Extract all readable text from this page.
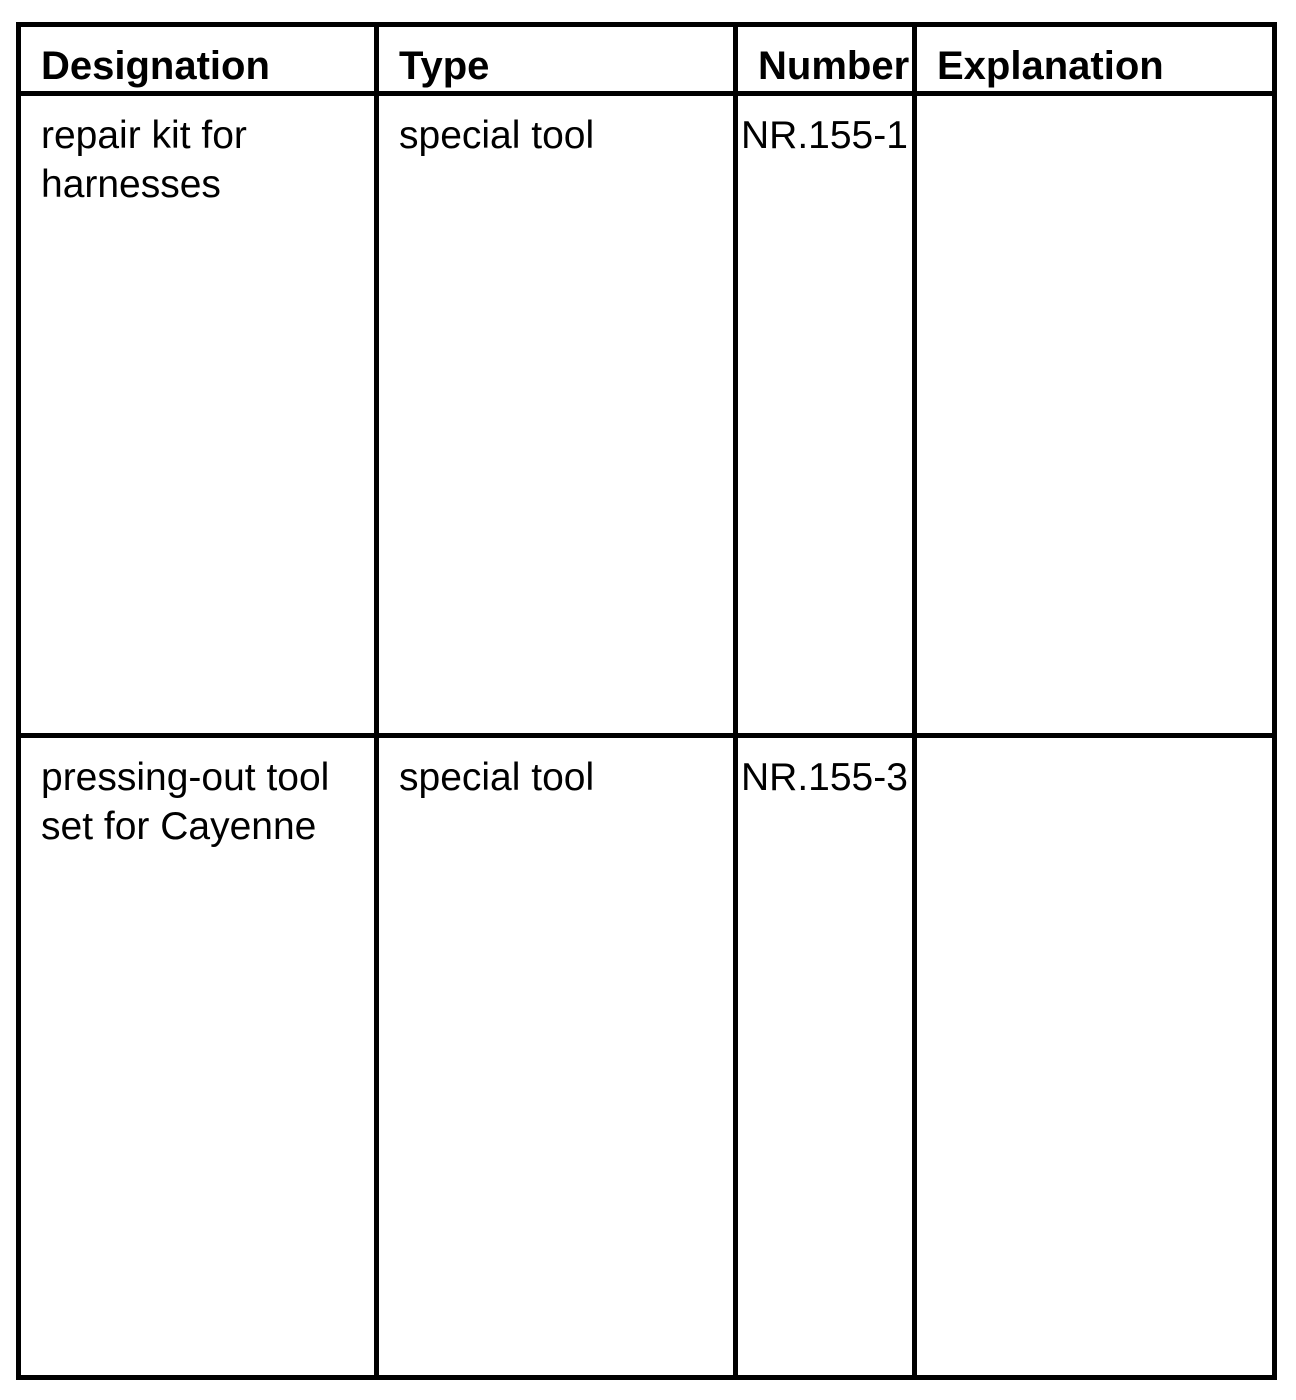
Designation	Type	Number	Explanation

repair kit for harnesses	special tool	NR.155-1	

pressing-out tool set for Cayenne	special tool	NR.155-3	
